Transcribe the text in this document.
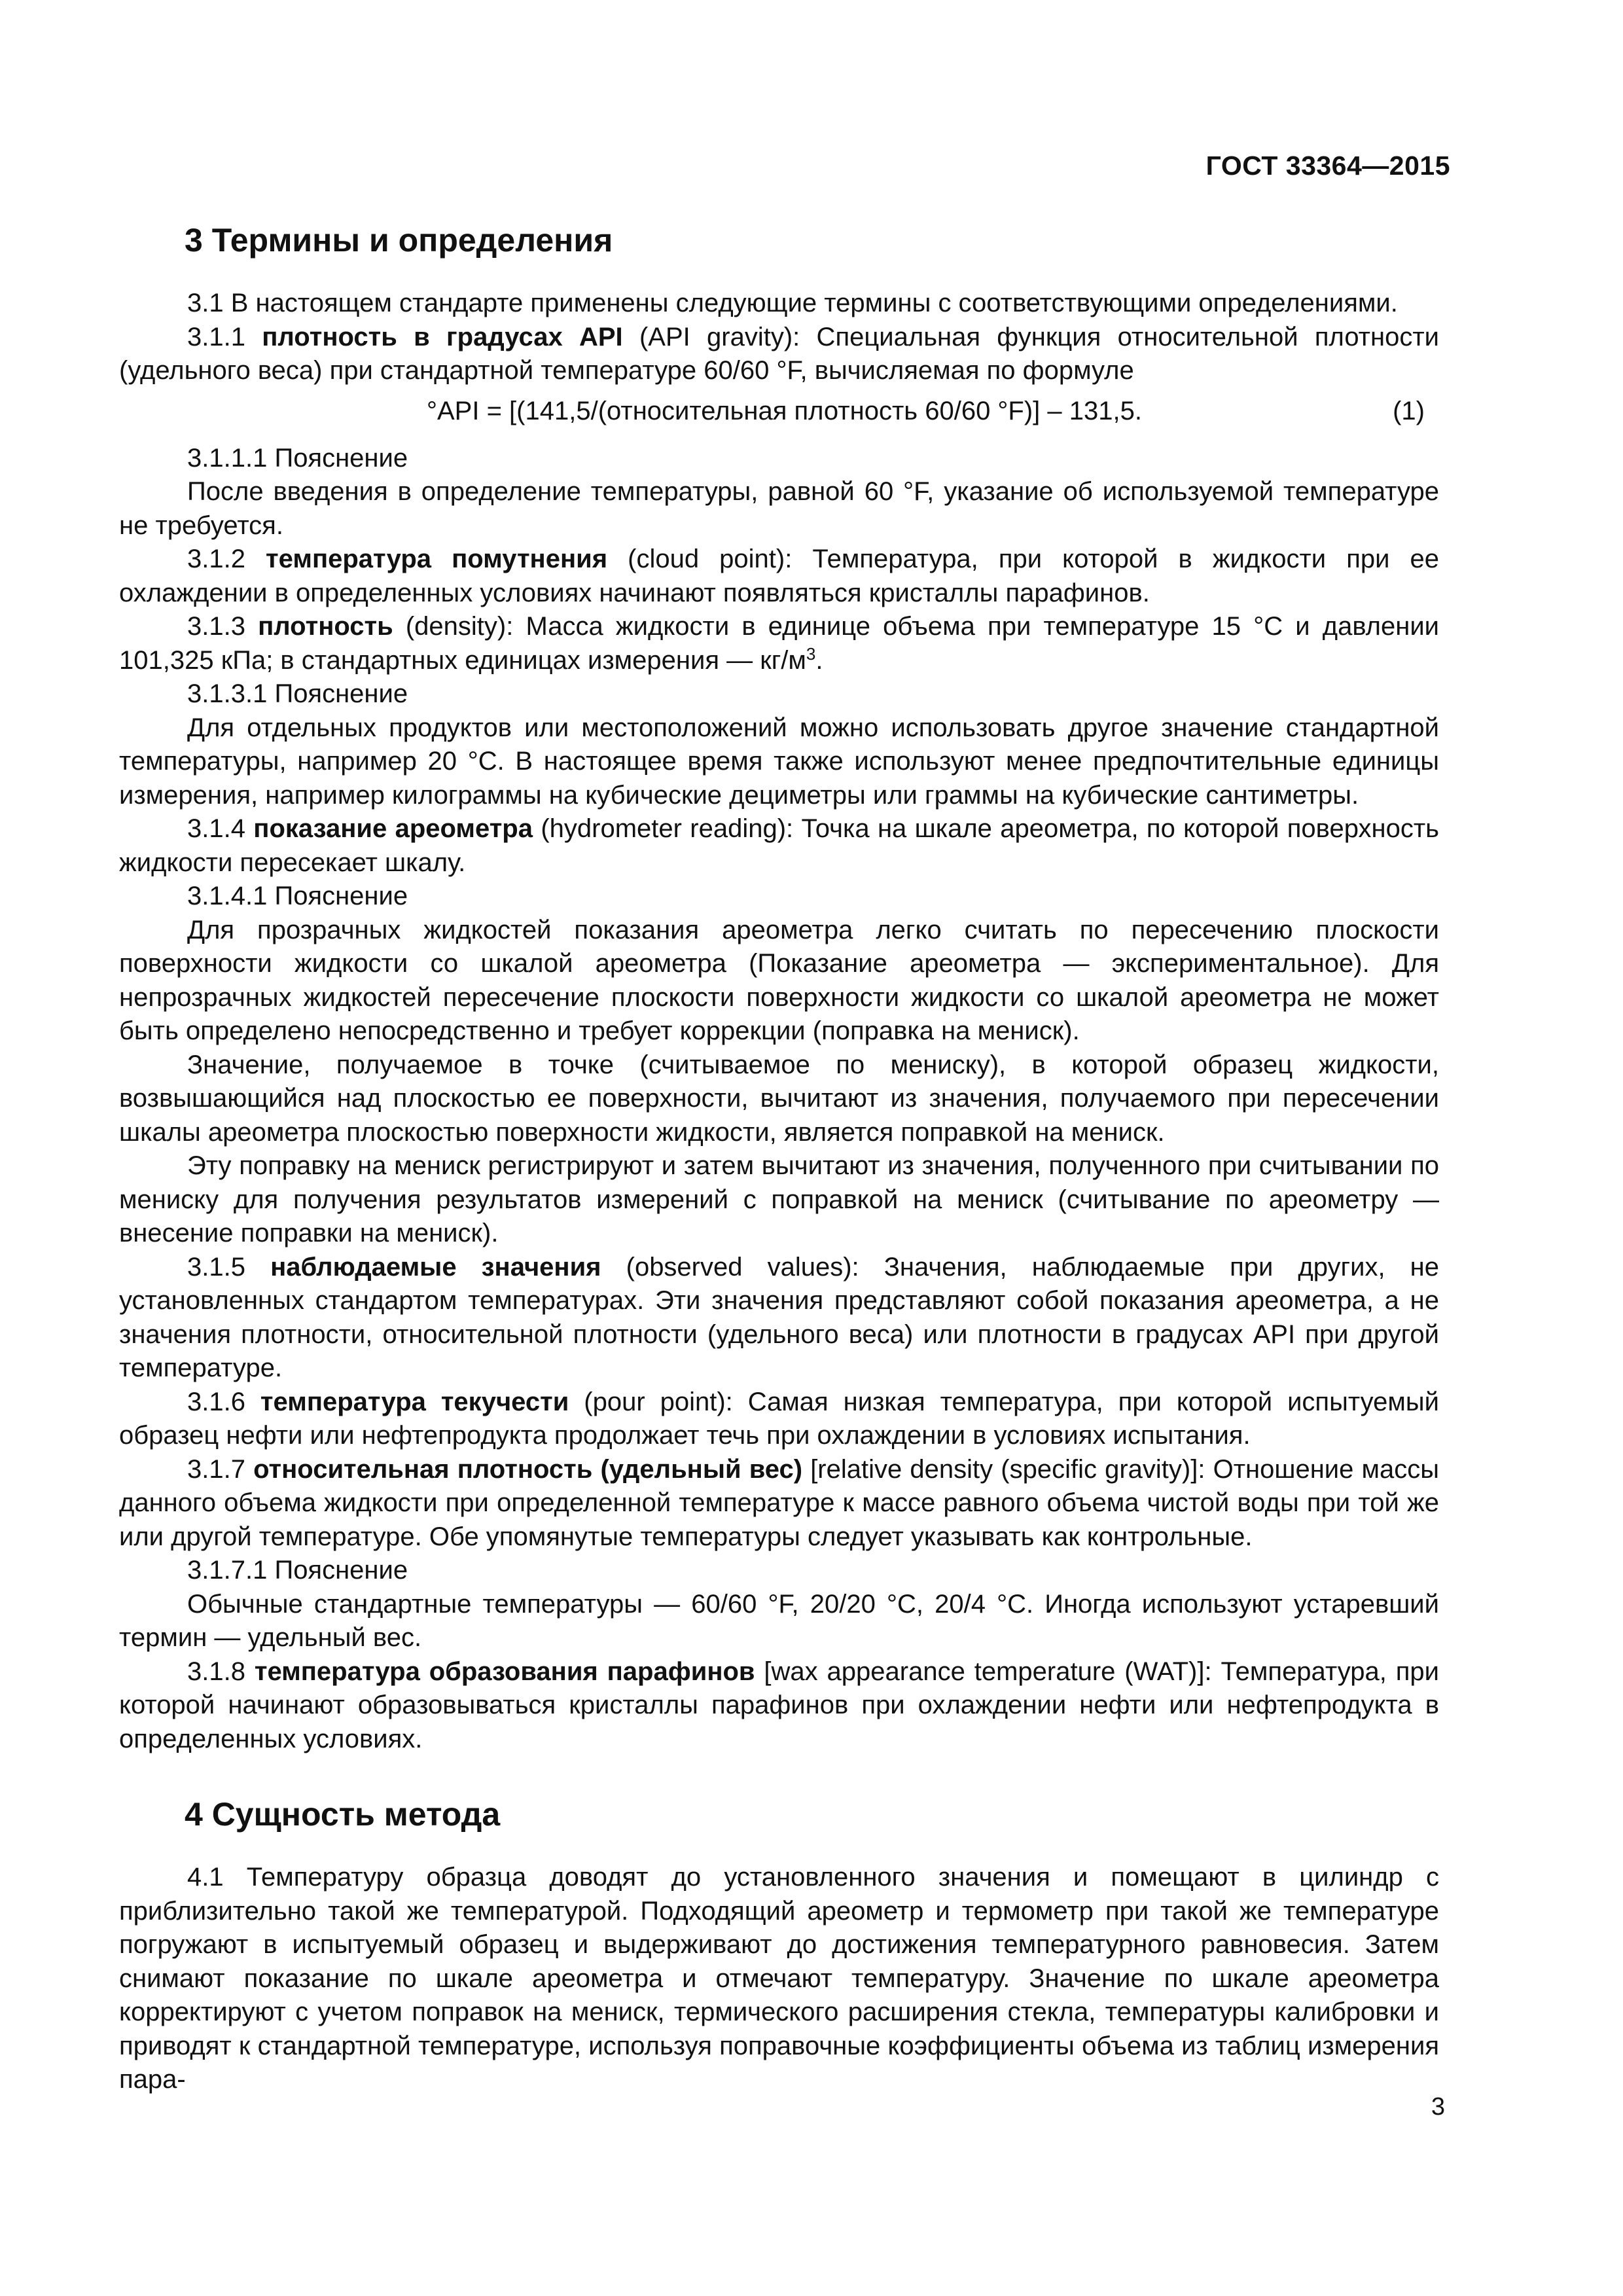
ГОСТ 33364—2015
3 Термины и определения

3.1 В настоящем стандарте применены следующие термины с соответствующими определениями.

3.1.1 плотность в градусах API (API gravity): Специальная функция относительной плотности (удельного веса) при стандартной температуре 60/60 °F, вычисляемая по формуле

°API = [(141,5/(относительная плотность 60/60 °F)] – 131,5.	(1)

3.1.1.1 Пояснение

После введения в определение температуры, равной 60 °F, указание об используемой температуре не требуется.

3.1.2 температура помутнения (cloud point): Температура, при которой в жидкости при ее охлаждении в определенных условиях начинают появляться кристаллы парафинов.

3.1.3 плотность (density): Масса жидкости в единице объема при температуре 15 °С и давлении 101,325 кПа; в стандартных единицах измерения — $кг/м^3$.

3.1.3.1 Пояснение

Для отдельных продуктов или местоположений можно использовать другое значение стандартной температуры, например 20 °С. В настоящее время также используют менее предпочтительные единицы измерения, например килограммы на кубические дециметры или граммы на кубические сантиметры.

3.1.4 показание ареометра (hydrometer reading): Точка на шкале ареометра, по которой поверхность жидкости пересекает шкалу.

3.1.4.1 Пояснение

Для прозрачных жидкостей показания ареометра легко считать по пересечению плоскости поверхности жидкости со шкалой ареометра (Показание ареометра — экспериментальное). Для непрозрачных жидкостей пересечение плоскости поверхности жидкости со шкалой ареометра не может быть определено непосредственно и требует коррекции (поправка на мениск).

Значение, получаемое в точке (считываемое по мениску), в которой образец жидкости, возвышающийся над плоскостью ее поверхности, вычитают из значения, получаемого при пересечении шкалы ареометра плоскостью поверхности жидкости, является поправкой на мениск.

Эту поправку на мениск регистрируют и затем вычитают из значения, полученного при считывании по мениску для получения результатов измерений с поправкой на мениск (считывание по ареометру — внесение поправки на мениск).

3.1.5 наблюдаемые значения (observed values): Значения, наблюдаемые при других, не установленных стандартом температурах. Эти значения представляют собой показания ареометра, а не значения плотности, относительной плотности (удельного веса) или плотности в градусах API при другой температуре.

3.1.6 температура текучести (pour point): Самая низкая температура, при которой испытуемый образец нефти или нефтепродукта продолжает течь при охлаждении в условиях испытания.

3.1.7 относительная плотность (удельный вес) [relative density (specific gravity)]: Отношение массы данного объема жидкости при определенной температуре к массе равного объема чистой воды при той же или другой температуре. Обе упомянутые температуры следует указывать как контрольные.

3.1.7.1 Пояснение

Обычные стандартные температуры — 60/60 °F, 20/20 °С, 20/4 °С. Иногда используют устаревший термин — удельный вес.

3.1.8 температура образования парафинов [wax appearance temperature (WAT)]: Температура, при которой начинают образовываться кристаллы парафинов при охлаждении нефти или нефтепродукта в определенных условиях.

4 Сущность метода

4.1 Температуру образца доводят до установленного значения и помещают в цилиндр с приблизительно такой же температурой. Подходящий ареометр и термометр при такой же температуре погружают в испытуемый образец и выдерживают до достижения температурного равновесия. Затем снимают показание по шкале ареометра и отмечают температуру. Значение по шкале ареометра корректируют с учетом поправок на мениск, термического расширения стекла, температуры калибровки и приводят к стандартной температуре, используя поправочные коэффициенты объема из таблиц измерения пара-

3
